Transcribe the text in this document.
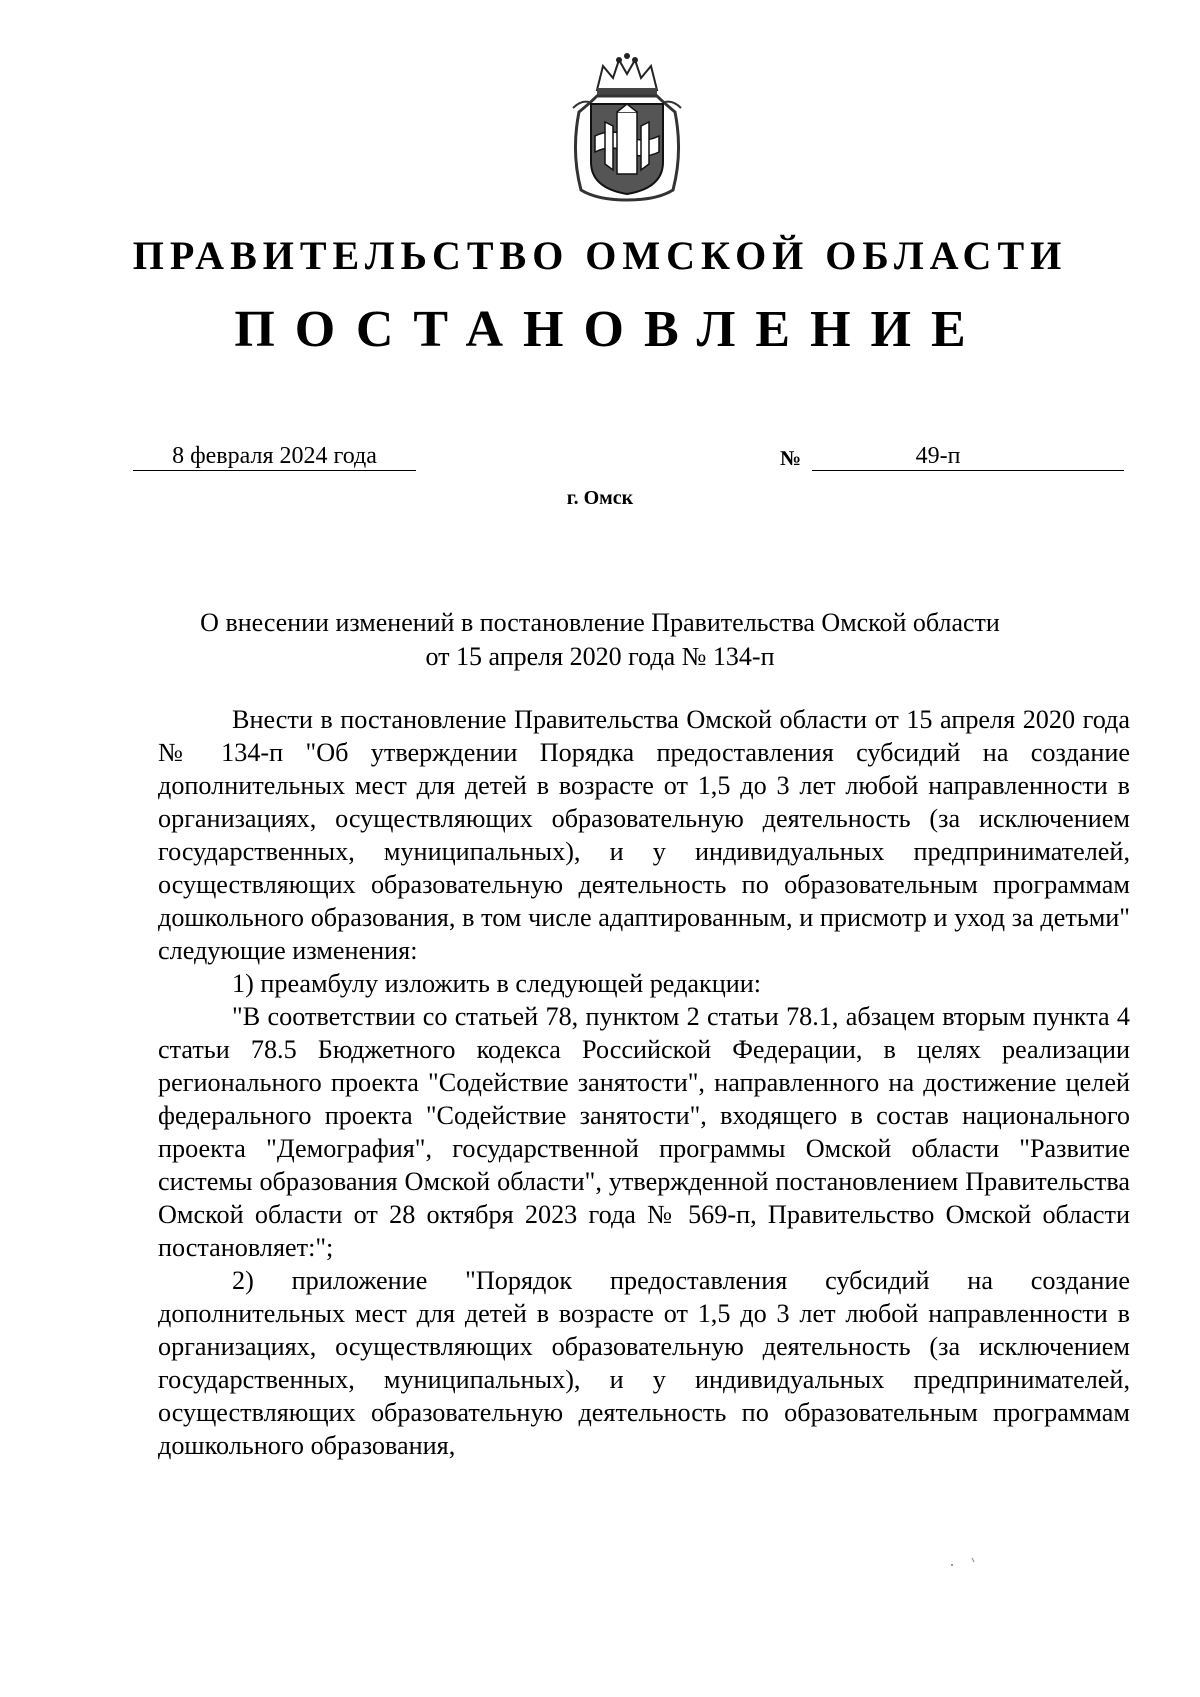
ПРАВИТЕЛЬСТВО ОМСКОЙ ОБЛАСТИ
ПОСТАНОВЛЕНИЕ
8 февраля 2024 года	№	49-п
г. Омск
О внесении изменений в постановление Правительства Омской области
от 15 апреля 2020 года № 134-п

Внести в постановление Правительства Омской области от 15 апреля 2020 года № 134-п "Об утверждении Порядка предоставления субсидий на создание дополнительных мест для детей в возрасте от 1,5 до 3 лет любой направленности в организациях, осуществляющих образовательную деятельность (за исключением государственных, муниципальных), и у индивидуальных предпринимателей, осуществляющих образовательную деятельность по образовательным программам дошкольного образования, в том числе адаптированным, и присмотр и уход за детьми" следующие изменения:

1) преамбулу изложить в следующей редакции:

"В соответствии со статьей 78, пунктом 2 статьи 78.1, абзацем вторым пункта 4 статьи 78.5 Бюджетного кодекса Российской Федерации, в целях реализации регионального проекта "Содействие занятости", направленного на достижение целей федерального проекта "Содействие занятости", входящего в состав национального проекта "Демография", государственной программы Омской области "Развитие системы образования Омской области", утвержденной постановлением Правительства Омской области от 28 октября 2023 года № 569-п, Правительство Омской области постановляет:";

2) приложение "Порядок предоставления субсидий на создание дополнительных мест для детей в возрасте от 1,5 до 3 лет любой направленности в организациях, осуществляющих образовательную деятельность (за исключением государственных, муниципальных), и у индивидуальных предпринимателей, осуществляющих образовательную деятельность по образовательным программам дошкольного образования,
